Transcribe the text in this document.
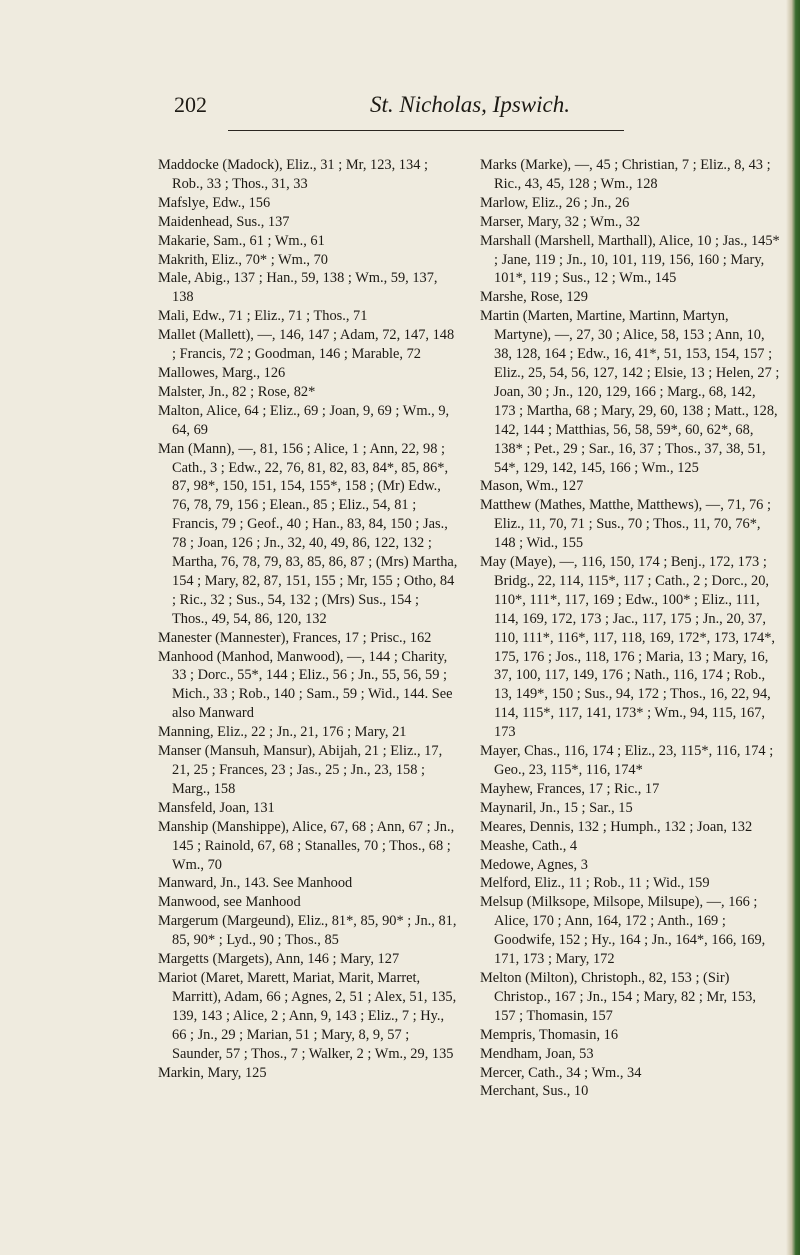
202	St. Nicholas, Ipswich.

Maddocke (Madock), Eliz., 31 ; Mr, 123, 134 ; Rob., 33 ; Thos., 31, 33

Mafslye, Edw., 156

Maidenhead, Sus., 137

Makarie, Sam., 61 ; Wm., 61

Makrith, Eliz., 70* ; Wm., 70

Male, Abig., 137 ; Han., 59, 138 ; Wm., 59, 137, 138

Mali, Edw., 71 ; Eliz., 71 ; Thos., 71

Mallet (Mallett), —, 146, 147 ; Adam, 72, 147, 148 ; Francis, 72 ; Goodman, 146 ; Marable, 72

Mallowes, Marg., 126

Malster, Jn., 82 ; Rose, 82*

Malton, Alice, 64 ; Eliz., 69 ; Joan, 9, 69 ; Wm., 9, 64, 69

Man (Mann), —, 81, 156 ; Alice, 1 ; Ann, 22, 98 ; Cath., 3 ; Edw., 22, 76, 81, 82, 83, 84*, 85, 86*, 87, 98*, 150, 151, 154, 155*, 158 ; (Mr) Edw., 76, 78, 79, 156 ; Elean., 85 ; Eliz., 54, 81 ; Francis, 79 ; Geof., 40 ; Han., 83, 84, 150 ; Jas., 78 ; Joan, 126 ; Jn., 32, 40, 49, 86, 122, 132 ; Martha, 76, 78, 79, 83, 85, 86, 87 ; (Mrs) Martha, 154 ; Mary, 82, 87, 151, 155 ; Mr, 155 ; Otho, 84 ; Ric., 32 ; Sus., 54, 132 ; (Mrs) Sus., 154 ; Thos., 49, 54, 86, 120, 132

Manester (Mannester), Frances, 17 ; Prisc., 162

Manhood (Manhod, Manwood), —, 144 ; Charity, 33 ; Dorc., 55*, 144 ; Eliz., 56 ; Jn., 55, 56, 59 ; Mich., 33 ; Rob., 140 ; Sam., 59 ; Wid., 144. See also Manward

Manning, Eliz., 22 ; Jn., 21, 176 ; Mary, 21

Manser (Mansuh, Mansur), Abijah, 21 ; Eliz., 17, 21, 25 ; Frances, 23 ; Jas., 25 ; Jn., 23, 158 ; Marg., 158

Mansfeld, Joan, 131

Manship (Manshippe), Alice, 67, 68 ; Ann, 67 ; Jn., 145 ; Rainold, 67, 68 ; Stanalles, 70 ; Thos., 68 ; Wm., 70

Manward, Jn., 143. See Manhood

Manwood, see Manhood

Margerum (Margeund), Eliz., 81*, 85, 90* ; Jn., 81, 85, 90* ; Lyd., 90 ; Thos., 85

Margetts (Margets), Ann, 146 ; Mary, 127

Mariot (Maret, Marett, Mariat, Marit, Marret, Marritt), Adam, 66 ; Agnes, 2, 51 ; Alex, 51, 135, 139, 143 ; Alice, 2 ; Ann, 9, 143 ; Eliz., 7 ; Hy., 66 ; Jn., 29 ; Marian, 51 ; Mary, 8, 9, 57 ; Saunder, 57 ; Thos., 7 ; Walker, 2 ; Wm., 29, 135

Markin, Mary, 125

Marks (Marke), —, 45 ; Christian, 7 ; Eliz., 8, 43 ; Ric., 43, 45, 128 ; Wm., 128

Marlow, Eliz., 26 ; Jn., 26

Marser, Mary, 32 ; Wm., 32

Marshall (Marshell, Marthall), Alice, 10 ; Jas., 145* ; Jane, 119 ; Jn., 10, 101, 119, 156, 160 ; Mary, 101*, 119 ; Sus., 12 ; Wm., 145

Marshe, Rose, 129

Martin (Marten, Martine, Martinn, Martyn, Martyne), —, 27, 30 ; Alice, 58, 153 ; Ann, 10, 38, 128, 164 ; Edw., 16, 41*, 51, 153, 154, 157 ; Eliz., 25, 54, 56, 127, 142 ; Elsie, 13 ; Helen, 27 ; Joan, 30 ; Jn., 120, 129, 166 ; Marg., 68, 142, 173 ; Martha, 68 ; Mary, 29, 60, 138 ; Matt., 128, 142, 144 ; Matthias, 56, 58, 59*, 60, 62*, 68, 138* ; Pet., 29 ; Sar., 16, 37 ; Thos., 37, 38, 51, 54*, 129, 142, 145, 166 ; Wm., 125

Mason, Wm., 127

Matthew (Mathes, Matthe, Matthews), —, 71, 76 ; Eliz., 11, 70, 71 ; Sus., 70 ; Thos., 11, 70, 76*, 148 ; Wid., 155

May (Maye), —, 116, 150, 174 ; Benj., 172, 173 ; Bridg., 22, 114, 115*, 117 ; Cath., 2 ; Dorc., 20, 110*, 111*, 117, 169 ; Edw., 100* ; Eliz., 111, 114, 169, 172, 173 ; Jac., 117, 175 ; Jn., 20, 37, 110, 111*, 116*, 117, 118, 169, 172*, 173, 174*, 175, 176 ; Jos., 118, 176 ; Maria, 13 ; Mary, 16, 37, 100, 117, 149, 176 ; Nath., 116, 174 ; Rob., 13, 149*, 150 ; Sus., 94, 172 ; Thos., 16, 22, 94, 114, 115*, 117, 141, 173* ; Wm., 94, 115, 167, 173

Mayer, Chas., 116, 174 ; Eliz., 23, 115*, 116, 174 ; Geo., 23, 115*, 116, 174*

Mayhew, Frances, 17 ; Ric., 17

Maynaril, Jn., 15 ; Sar., 15

Meares, Dennis, 132 ; Humph., 132 ; Joan, 132

Meashe, Cath., 4

Medowe, Agnes, 3

Melford, Eliz., 11 ; Rob., 11 ; Wid., 159

Melsup (Milksope, Milsope, Milsupe), —, 166 ; Alice, 170 ; Ann, 164, 172 ; Anth., 169 ; Goodwife, 152 ; Hy., 164 ; Jn., 164*, 166, 169, 171, 173 ; Mary, 172

Melton (Milton), Christoph., 82, 153 ; (Sir) Christop., 167 ; Jn., 154 ; Mary, 82 ; Mr, 153, 157 ; Thomasin, 157

Mempris, Thomasin, 16

Mendham, Joan, 53

Mercer, Cath., 34 ; Wm., 34

Merchant, Sus., 10
